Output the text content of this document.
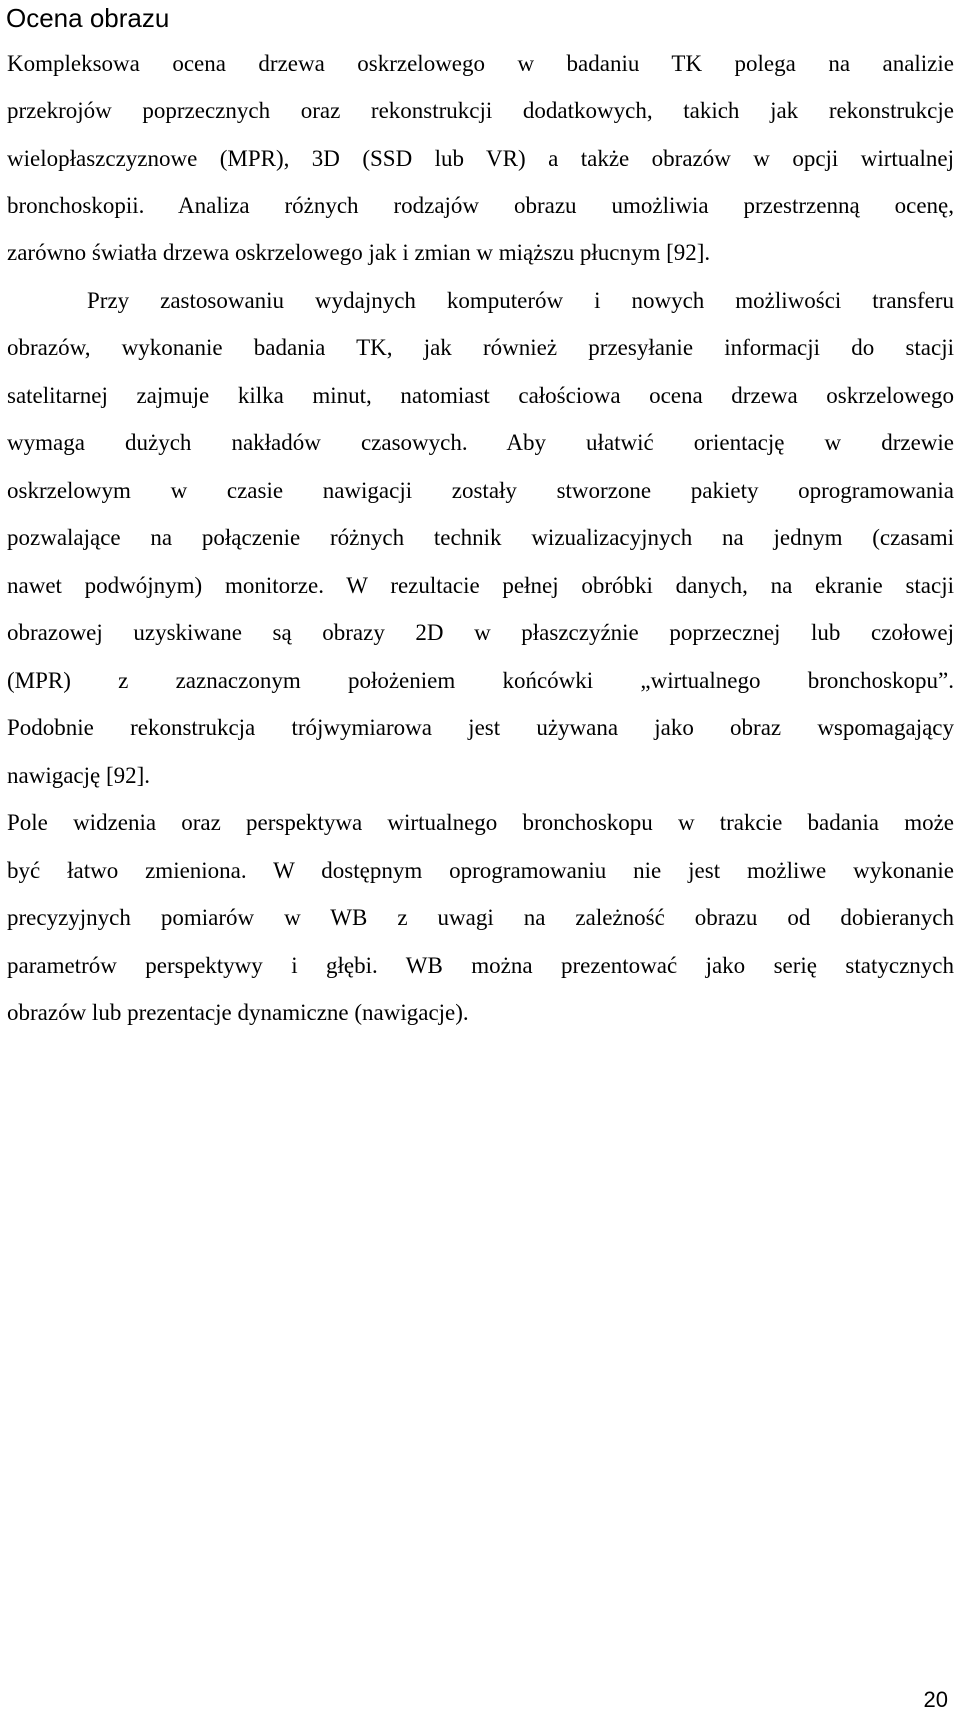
Ocena obrazu
Kompleksowa ocena drzewa oskrzelowego w badaniu TK polega na analizie
przekrojów poprzecznych oraz rekonstrukcji dodatkowych, takich jak rekonstrukcje
wielopłaszczyznowe (MPR), 3D (SSD lub VR) a także obrazów w opcji wirtualnej
bronchoskopii. Analiza różnych rodzajów obrazu umożliwia przestrzenną ocenę,
zarówno światła drzewa oskrzelowego jak i zmian w miąższu płucnym [92].
Przy zastosowaniu wydajnych komputerów i nowych możliwości transferu
obrazów, wykonanie badania TK, jak również przesyłanie informacji do stacji
satelitarnej zajmuje kilka minut, natomiast całościowa ocena drzewa oskrzelowego
wymaga dużych nakładów czasowych. Aby ułatwić orientację w drzewie
oskrzelowym w czasie nawigacji zostały stworzone pakiety oprogramowania
pozwalające na połączenie różnych technik wizualizacyjnych na jednym (czasami
nawet podwójnym) monitorze. W rezultacie pełnej obróbki danych, na ekranie stacji
obrazowej uzyskiwane są obrazy 2D w płaszczyźnie poprzecznej lub czołowej
(MPR) z zaznaczonym położeniem końcówki „wirtualnego bronchoskopu”.
Podobnie rekonstrukcja trójwymiarowa jest używana jako obraz wspomagający
nawigację [92].
Pole widzenia oraz perspektywa wirtualnego bronchoskopu w trakcie badania może
być łatwo zmieniona. W dostępnym oprogramowaniu nie jest możliwe wykonanie
precyzyjnych pomiarów w WB z uwagi na zależność obrazu od dobieranych
parametrów perspektywy i głębi. WB można prezentować jako serię statycznych
obrazów lub prezentacje dynamiczne (nawigacje).
20
